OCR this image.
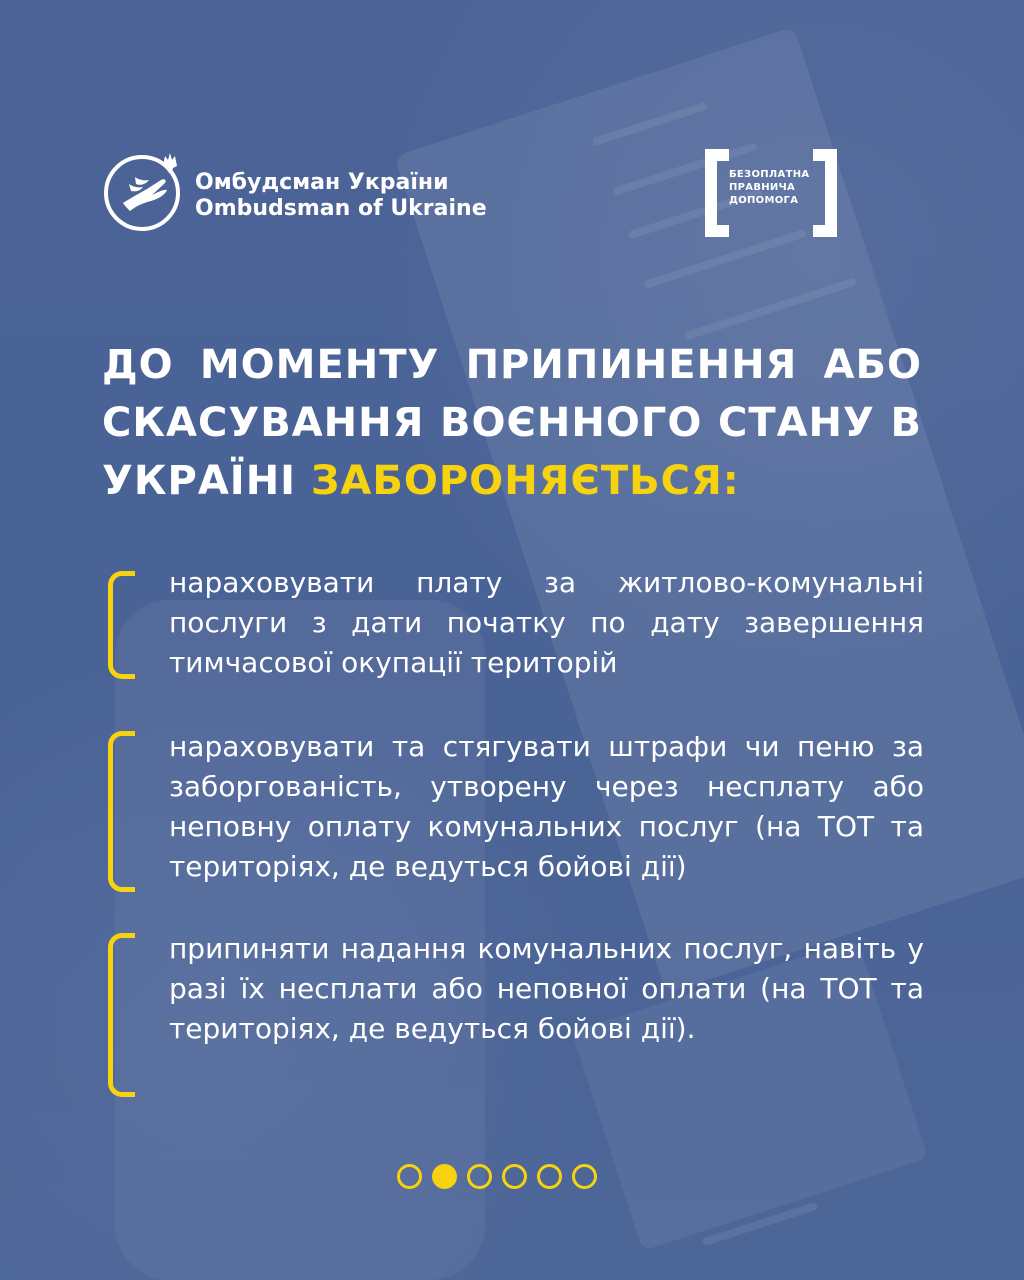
Омбудсман України
Ombudsman of Ukraine
БЕЗОПЛАТНА
ПРАВНИЧА
ДОПОМОГА
ДО МОМЕНТУ ПРИПИНЕННЯ АБО СКАСУВАННЯ ВОЄННОГО СТАНУ В УКРАЇНІ ЗАБОРОНЯЄТЬСЯ:
нараховувати плату за житлово-комунальні послуги з дати початку по дату завершення тимчасової окупації територій
нараховувати та стягувати штрафи чи пеню за заборгованість, утворену через несплату або неповну оплату комунальних послуг (на ТОТ та територіях, де ведуться бойові дії)
припиняти надання комунальних послуг, навіть у разі їх несплати або неповної оплати (на ТОТ та територіях, де ведуться бойові дії).
